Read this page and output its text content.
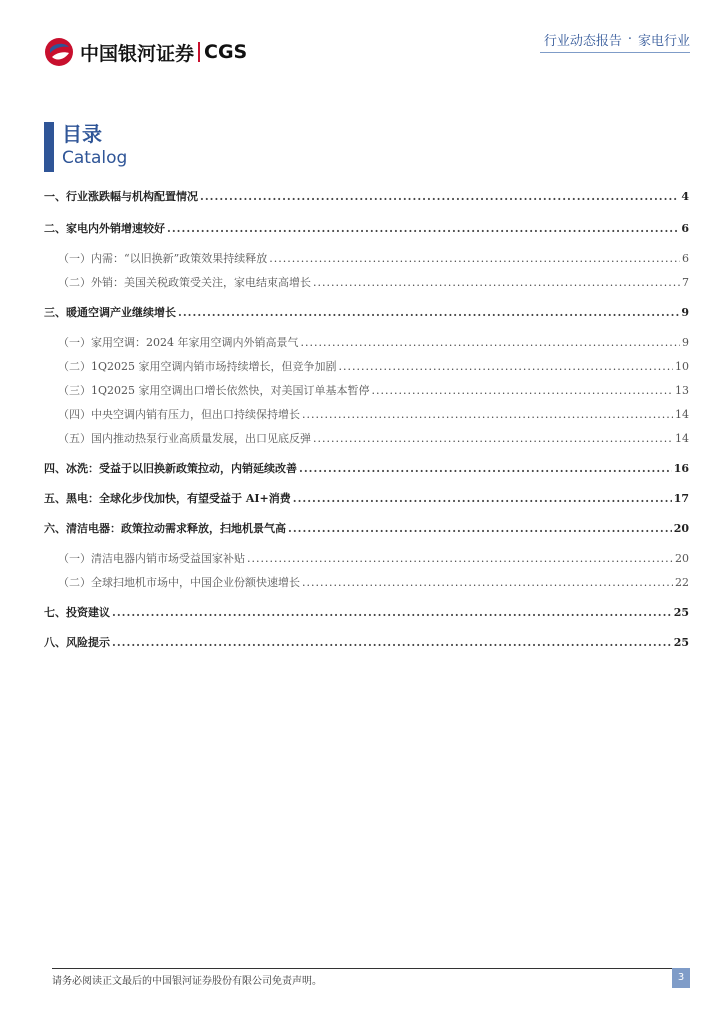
中国银河证券 CGS	行业动态报告 · 家电行业
目录
Catalog
一、 行业涨跌幅与机构配置情况 .....	4
二、 家电内外销增速较好 .....	6
（一） 内需：“以旧换新”政策效果持续释放 .....	6
（二） 外销：美国关税政策受关注，家电结束高增长 .....	7
三、 暖通空调产业继续增长 .....	9
（一） 家用空调：2024 年家用空调内外销高景气 .....	9
（二） 1Q2025 家用空调内销市场持续增长，但竞争加剧 .....	10
（三） 1Q2025 家用空调出口增长依然快，对美国订单基本暂停 .....	13
（四） 中央空调内销有压力，但出口持续保持增长 .....	14
（五） 国内推动热泵行业高质量发展，出口见底反弹 .....	14
四、 冰洗：受益于以旧换新政策拉动，内销延续改善 .....	16
五、 黑电：全球化步伐加快，有望受益于 AI+消费 .....	17
六、 清洁电器：政策拉动需求释放，扫地机景气高 .....	20
（一） 清洁电器内销市场受益国家补贴 .....	20
（二） 全球扫地机市场中，中国企业份额快速增长 .....	22
七、 投资建议 .....	25
八、 风险提示 .....	25
请务必阅读正文最后的中国银河证券股份有限公司免责声明。	3
